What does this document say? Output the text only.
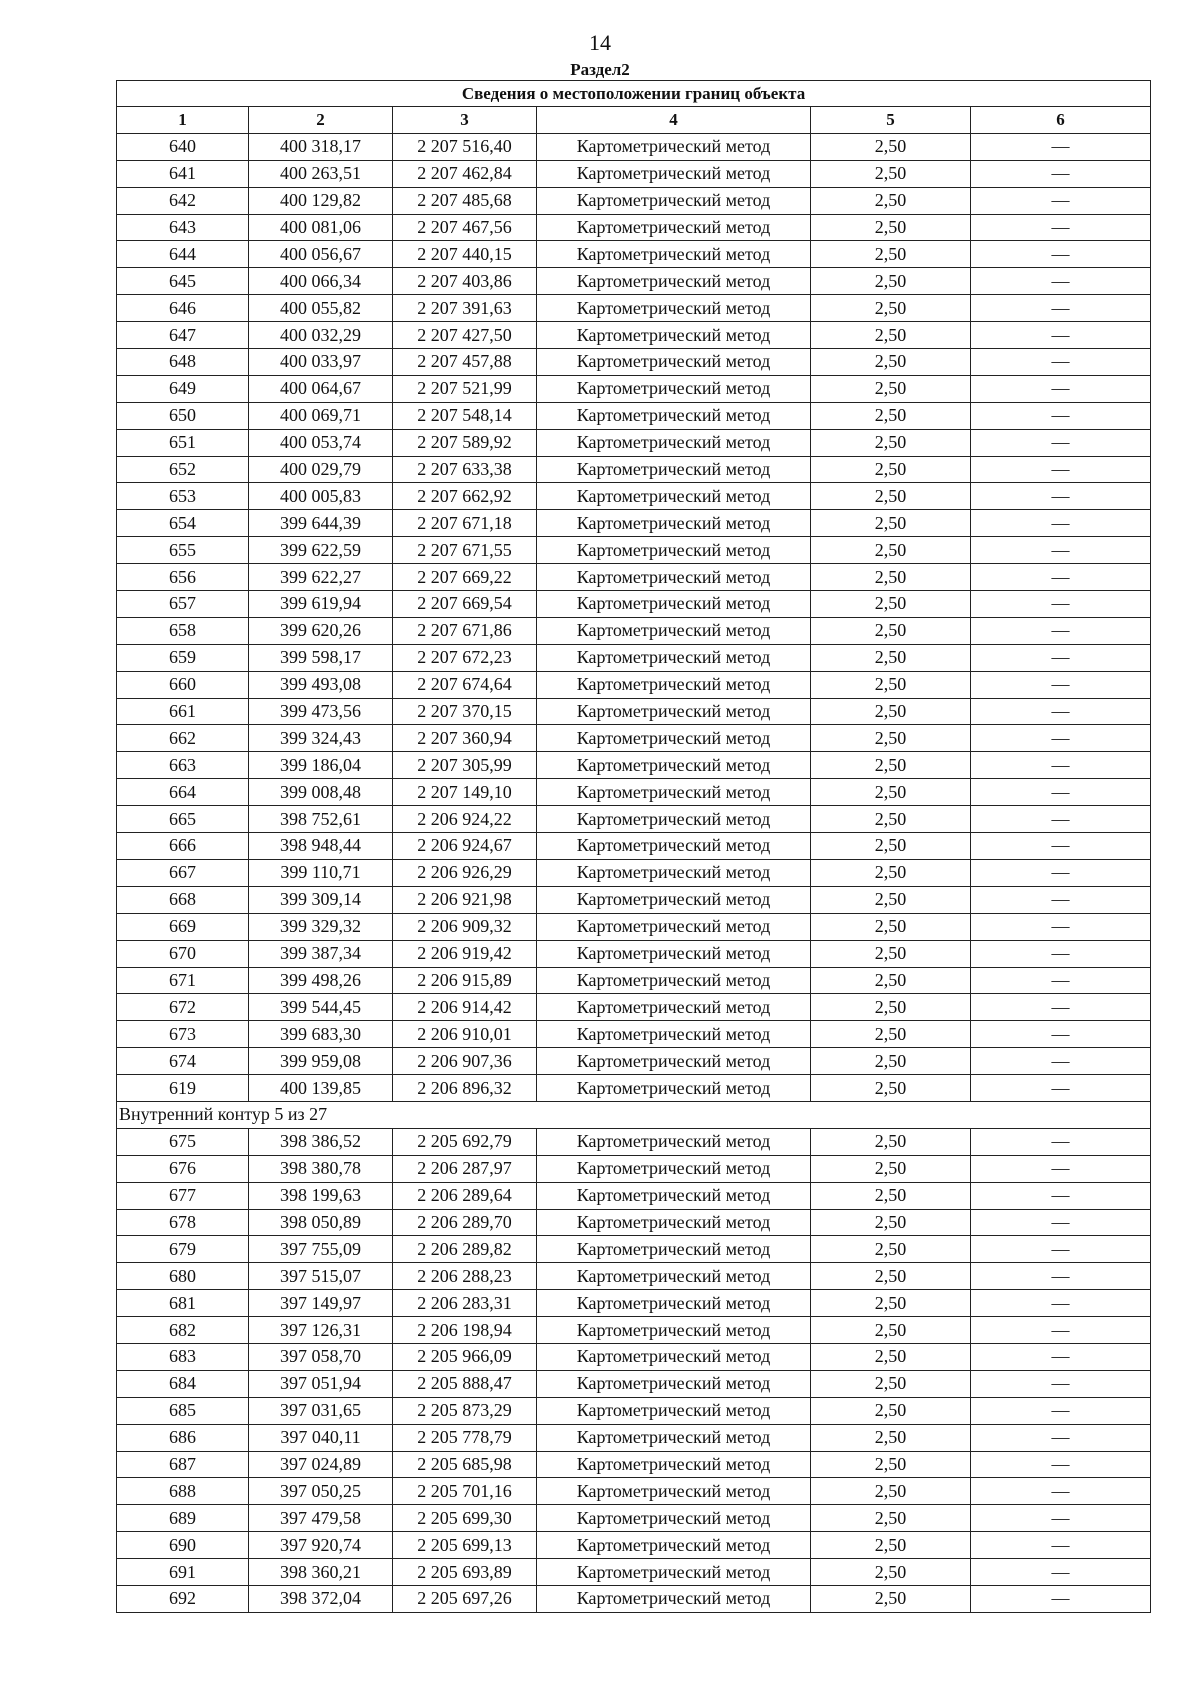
14
Раздел2
Сведения о местоположении границ объекта					
1	2	3	4	5	6
640	400 318,17	2 207 516,40	Картометрический метод	2,50	—
641	400 263,51	2 207 462,84	Картометрический метод	2,50	—
642	400 129,82	2 207 485,68	Картометрический метод	2,50	—
643	400 081,06	2 207 467,56	Картометрический метод	2,50	—
644	400 056,67	2 207 440,15	Картометрический метод	2,50	—
645	400 066,34	2 207 403,86	Картометрический метод	2,50	—
646	400 055,82	2 207 391,63	Картометрический метод	2,50	—
647	400 032,29	2 207 427,50	Картометрический метод	2,50	—
648	400 033,97	2 207 457,88	Картометрический метод	2,50	—
649	400 064,67	2 207 521,99	Картометрический метод	2,50	—
650	400 069,71	2 207 548,14	Картометрический метод	2,50	—
651	400 053,74	2 207 589,92	Картометрический метод	2,50	—
652	400 029,79	2 207 633,38	Картометрический метод	2,50	—
653	400 005,83	2 207 662,92	Картометрический метод	2,50	—
654	399 644,39	2 207 671,18	Картометрический метод	2,50	—
655	399 622,59	2 207 671,55	Картометрический метод	2,50	—
656	399 622,27	2 207 669,22	Картометрический метод	2,50	—
657	399 619,94	2 207 669,54	Картометрический метод	2,50	—
658	399 620,26	2 207 671,86	Картометрический метод	2,50	—
659	399 598,17	2 207 672,23	Картометрический метод	2,50	—
660	399 493,08	2 207 674,64	Картометрический метод	2,50	—
661	399 473,56	2 207 370,15	Картометрический метод	2,50	—
662	399 324,43	2 207 360,94	Картометрический метод	2,50	—
663	399 186,04	2 207 305,99	Картометрический метод	2,50	—
664	399 008,48	2 207 149,10	Картометрический метод	2,50	—
665	398 752,61	2 206 924,22	Картометрический метод	2,50	—
666	398 948,44	2 206 924,67	Картометрический метод	2,50	—
667	399 110,71	2 206 926,29	Картометрический метод	2,50	—
668	399 309,14	2 206 921,98	Картометрический метод	2,50	—
669	399 329,32	2 206 909,32	Картометрический метод	2,50	—
670	399 387,34	2 206 919,42	Картометрический метод	2,50	—
671	399 498,26	2 206 915,89	Картометрический метод	2,50	—
672	399 544,45	2 206 914,42	Картометрический метод	2,50	—
673	399 683,30	2 206 910,01	Картометрический метод	2,50	—
674	399 959,08	2 206 907,36	Картометрический метод	2,50	—
619	400 139,85	2 206 896,32	Картометрический метод	2,50	—
Внутренний контур 5 из 27					
675	398 386,52	2 205 692,79	Картометрический метод	2,50	—
676	398 380,78	2 206 287,97	Картометрический метод	2,50	—
677	398 199,63	2 206 289,64	Картометрический метод	2,50	—
678	398 050,89	2 206 289,70	Картометрический метод	2,50	—
679	397 755,09	2 206 289,82	Картометрический метод	2,50	—
680	397 515,07	2 206 288,23	Картометрический метод	2,50	—
681	397 149,97	2 206 283,31	Картометрический метод	2,50	—
682	397 126,31	2 206 198,94	Картометрический метод	2,50	—
683	397 058,70	2 205 966,09	Картометрический метод	2,50	—
684	397 051,94	2 205 888,47	Картометрический метод	2,50	—
685	397 031,65	2 205 873,29	Картометрический метод	2,50	—
686	397 040,11	2 205 778,79	Картометрический метод	2,50	—
687	397 024,89	2 205 685,98	Картометрический метод	2,50	—
688	397 050,25	2 205 701,16	Картометрический метод	2,50	—
689	397 479,58	2 205 699,30	Картометрический метод	2,50	—
690	397 920,74	2 205 699,13	Картометрический метод	2,50	—
691	398 360,21	2 205 693,89	Картометрический метод	2,50	—
692	398 372,04	2 205 697,26	Картометрический метод	2,50	—
